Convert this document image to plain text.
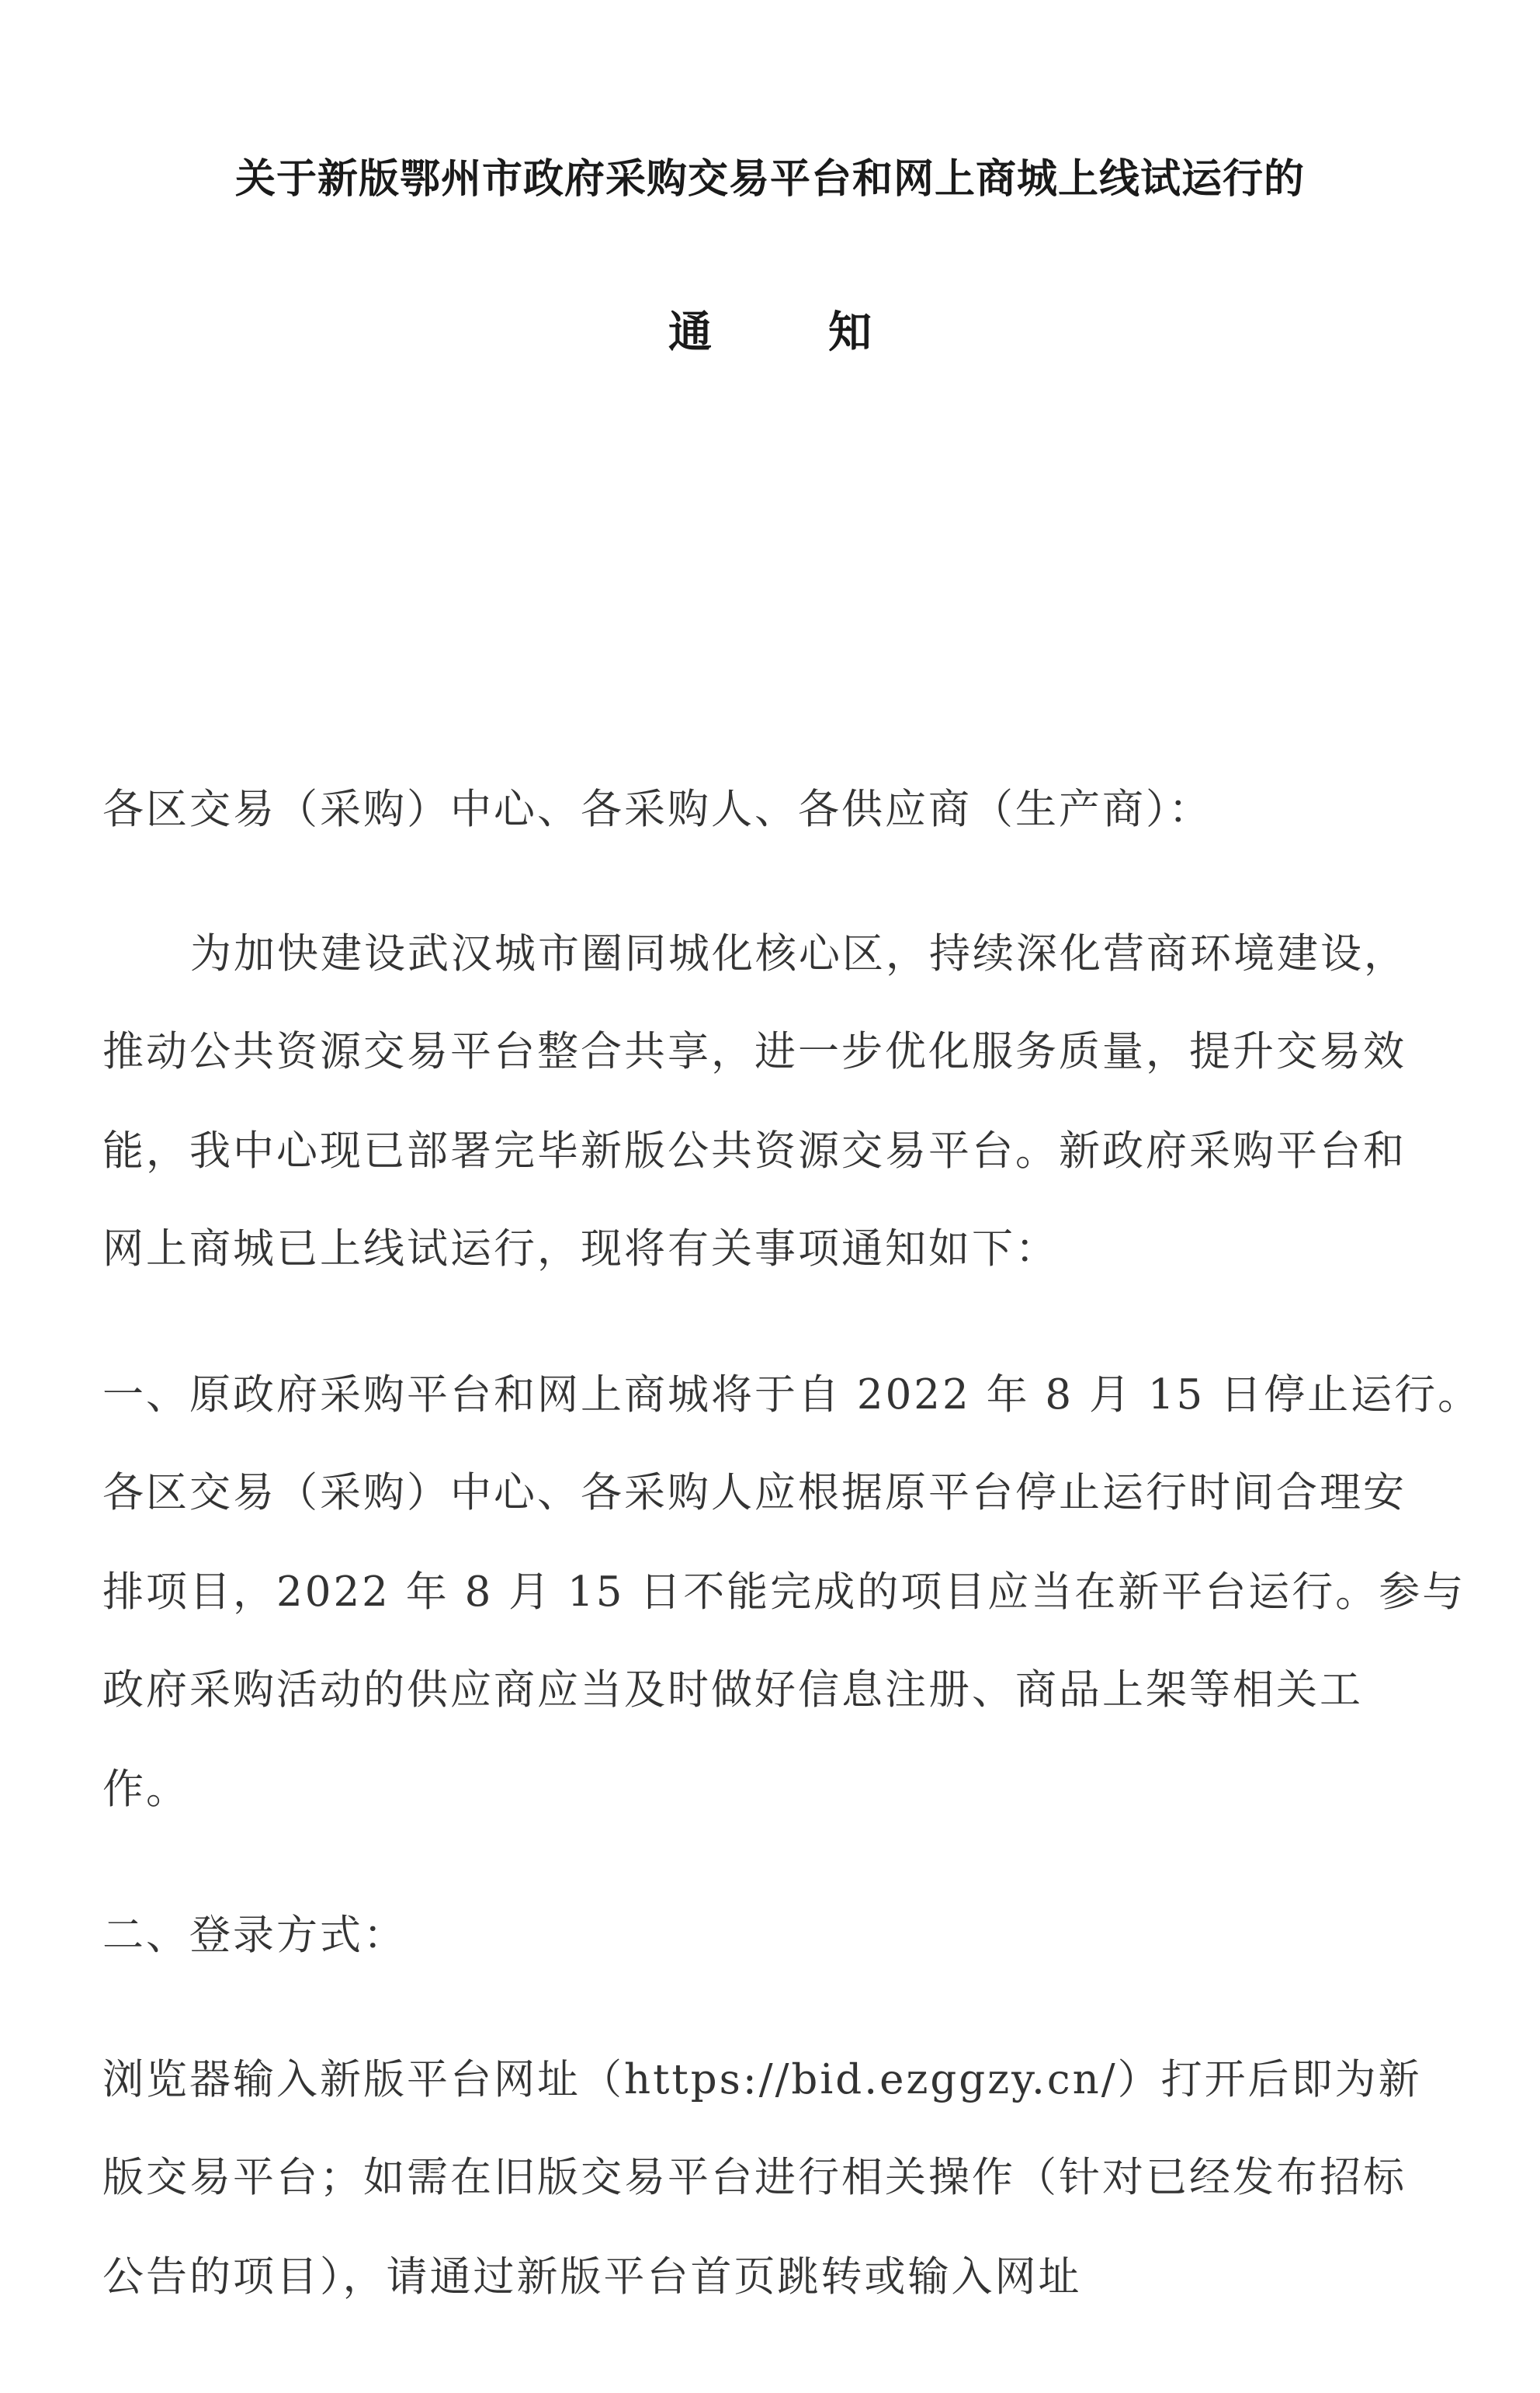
关于新版鄂州市政府采购交易平台和网上商城上线试运行的
通	知
各区交易（采购）中心、各采购人、各供应商（生产商）：
为加快建设武汉城市圈同城化核心区，持续深化营商环境建设，
推动公共资源交易平台整合共享，进一步优化服务质量，提升交易效
能，我中心现已部署完毕新版公共资源交易平台。新政府采购平台和
网上商城已上线试运行，现将有关事项通知如下：
一、原政府采购平台和网上商城将于自 2022 年 8 月 15 日停止运行。
各区交易（采购）中心、各采购人应根据原平台停止运行时间合理安
排项目，2022 年 8 月 15 日不能完成的项目应当在新平台运行。参与
政府采购活动的供应商应当及时做好信息注册、商品上架等相关工
作。
二、登录方式：
浏览器输入新版平台网址（https://bid.ezggzy.cn/）打开后即为新
版交易平台；如需在旧版交易平台进行相关操作（针对已经发布招标
公告的项目），请通过新版平台首页跳转或输入网址
